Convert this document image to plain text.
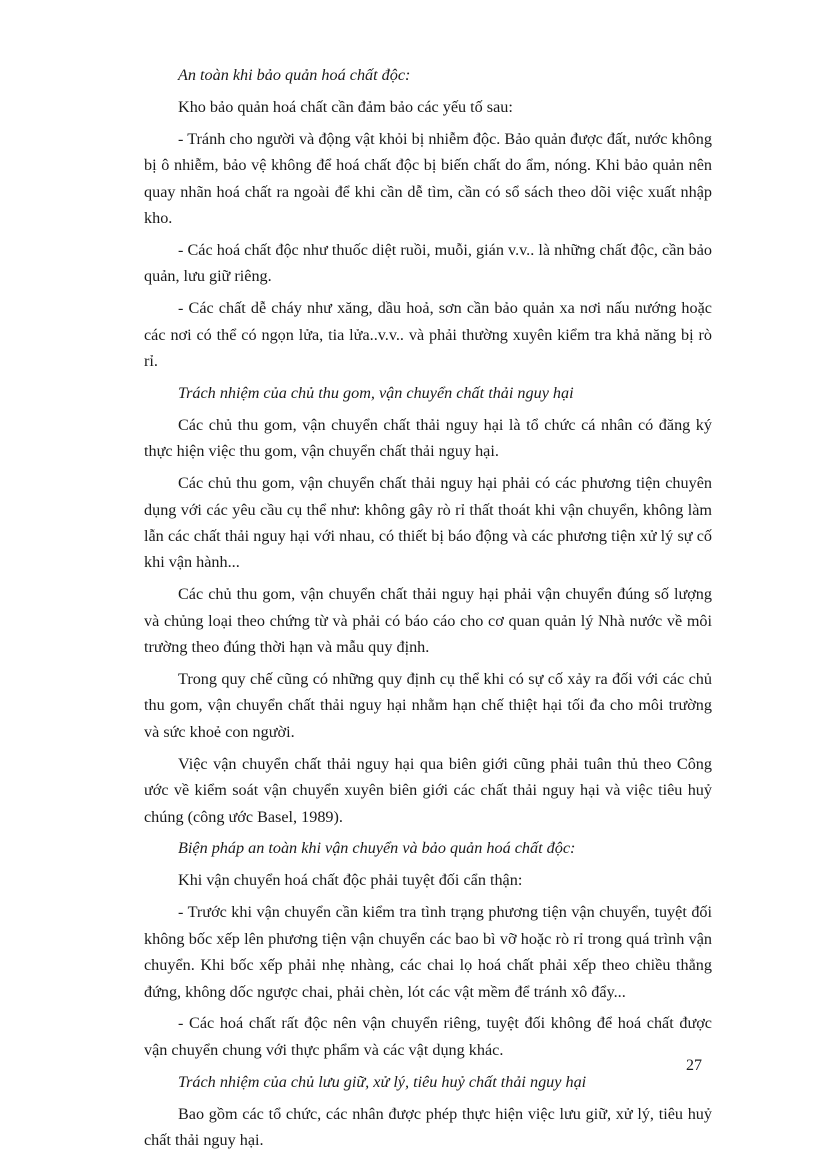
An toàn khi bảo quản hoá chất độc:

Kho bảo quản hoá chất cần đảm bảo các yếu tố sau:

- Tránh cho người và động vật khỏi bị nhiễm độc. Bảo quản được đất, nước không bị ô nhiễm, bảo vệ không để hoá chất độc bị biến chất do ẩm, nóng. Khi bảo quản nên quay nhãn hoá chất ra ngoài để khi cần dễ tìm, cần có sổ sách theo dõi việc xuất nhập kho.

- Các hoá chất độc như thuốc diệt ruồi, muỗi, gián v.v.. là những chất độc, cần bảo quản, lưu giữ riêng.

- Các chất dễ cháy như xăng, dầu hoả, sơn cần bảo quản xa nơi nấu nướng hoặc các nơi có thể có ngọn lửa, tia lửa..v.v.. và phải thường xuyên kiểm tra khả năng bị rò rỉ.

Trách nhiệm của chủ thu gom, vận chuyển chất thải nguy hại

Các chủ thu gom, vận chuyển chất thải nguy hại là tổ chức cá nhân có đăng ký thực hiện việc thu gom, vận chuyển chất thải nguy hại.

Các chủ thu gom, vận chuyển chất thải nguy hại phải có các phương tiện chuyên dụng với các yêu cầu cụ thể như: không gây rò rỉ thất thoát khi vận chuyển, không làm lẫn các chất thải nguy hại với nhau, có thiết bị báo động và các phương tiện xử lý sự cố khi vận hành...

Các chủ thu gom, vận chuyển chất thải nguy hại phải vận chuyển đúng số lượng và chủng loại theo chứng từ và phải có báo cáo cho cơ quan quản lý Nhà nước về môi trường theo đúng thời hạn và mẫu quy định.

Trong quy chế cũng có những quy định cụ thể khi có sự cố xảy ra đối với các chủ thu gom, vận chuyển chất thải nguy hại nhằm hạn chế thiệt hại tối đa cho môi trường và sức khoẻ con người.

Việc vận chuyển chất thải nguy hại qua biên giới cũng phải tuân thủ theo Công ước về kiểm soát vận chuyển xuyên biên giới các chất thải nguy hại và việc tiêu huỷ chúng (công ước Basel, 1989).

Biện pháp an toàn khi vận chuyển và bảo quản hoá chất độc:

Khi vận chuyển hoá chất độc phải tuyệt đối cẩn thận:

- Trước khi vận chuyển cần kiểm tra tình trạng phương tiện vận chuyển, tuyệt đối không bốc xếp lên phương tiện vận chuyển các bao bì vỡ hoặc rò rỉ trong quá trình vận chuyển. Khi bốc xếp phải nhẹ nhàng, các chai lọ hoá chất phải xếp theo chiều thẳng đứng, không dốc ngược chai, phải chèn, lót các vật mềm để tránh xô đẩy...

- Các hoá chất rất độc nên vận chuyển riêng, tuyệt đối không để hoá chất được vận chuyển chung với thực phẩm và các vật dụng khác.

Trách nhiệm của chủ lưu giữ, xử lý, tiêu huỷ chất thải nguy hại

Bao gồm các tổ chức, các nhân được phép thực hiện việc lưu giữ, xử lý, tiêu huỷ chất thải nguy hại.

27
